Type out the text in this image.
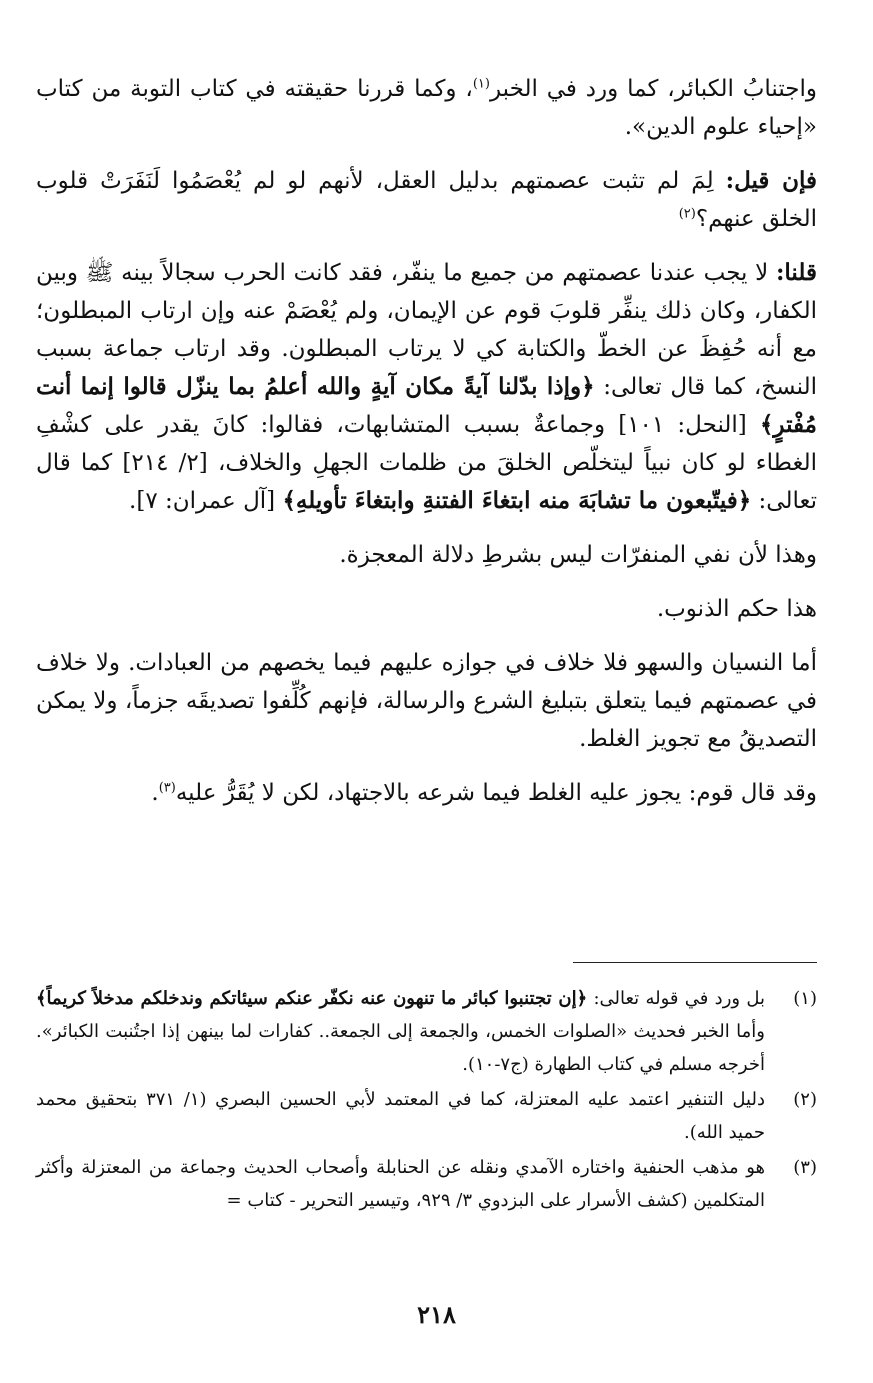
واجتنابُ الكبائر، كما ورد في الخبر$^{(١)}$، وكما قررنا حقيقته في كتاب التوبة من كتاب «إحياء علوم الدين».

فإن قيل: لِمَ لم تثبت عصمتهم بدليل العقل، لأنهم لو لم يُعْصَمُوا لَنَفَرَتْ قلوب الخلق عنهم؟$^{(٢)}$

قلنا: لا يجب عندنا عصمتهم من جميع ما ينفّر، فقد كانت الحرب سجالاً بينه ﷺ وبين الكفار، وكان ذلك ينفِّر قلوبَ قوم عن الإيمان، ولم يُعْصَمْ عنه وإن ارتاب المبطلون؛ مع أنه حُفِظَ عن الخطّ والكتابة كي لا يرتاب المبطلون. وقد ارتاب جماعة بسبب النسخ، كما قال تعالى: ﴿وإذا بدّلنا آيةً مكان آيةٍ والله أعلمُ بما ينزّل قالوا إنما أنت مُفْترٍ﴾ [النحل: ١٠١] وجماعةٌ بسبب المتشابهات، فقالوا: كانَ يقدر على كشْفِ الغطاء لو كان نبياً ليتخلّص الخلقَ من ظلمات الجهلِ والخلاف، [٢/ ٢١٤] كما قال تعالى: ﴿فيتّبعون ما تشابَهَ منه ابتغاءَ الفتنةِ وابتغاءَ تأويلهِ﴾ [آل عمران: ٧].

وهذا لأن نفي المنفرّات ليس بشرطِ دلالة المعجزة.

هذا حكم الذنوب.

أما النسيان والسهو فلا خلاف في جوازه عليهم فيما يخصهم من العبادات. ولا خلاف في عصمتهم فيما يتعلق بتبليغ الشرع والرسالة، فإنهم كُلِّفوا تصديقَه جزماً، ولا يمكن التصديقُ مع تجويز الغلط.

وقد قال قوم: يجوز عليه الغلط فيما شرعه بالاجتهاد، لكن لا يُقَرُّ عليه$^{(٣)}$.

(١)
بل ورد في قوله تعالى: ﴿إن تجتنبوا كبائر ما تنهون عنه نكفّر عنكم سيئاتكم وندخلكم مدخلاً كريماً﴾ وأما الخبر فحديث «الصلوات الخمس، والجمعة إلى الجمعة.. كفارات لما بينهن إذا اجتُنبت الكبائر». أخرجه مسلم في كتاب الطهارة (ج٧-١٠).
(٢)
دليل التنفير اعتمد عليه المعتزلة، كما في المعتمد لأبي الحسين البصري (١/ ٣٧١ بتحقيق محمد حميد الله).
(٣)
هو مذهب الحنفية واختاره الآمدي ونقله عن الحنابلة وأصحاب الحديث وجماعة من المعتزلة وأكثر المتكلمين (كشف الأسرار على البزدوي ٣/ ٩٢٩، وتيسير التحرير - كتاب =
٢١٨
